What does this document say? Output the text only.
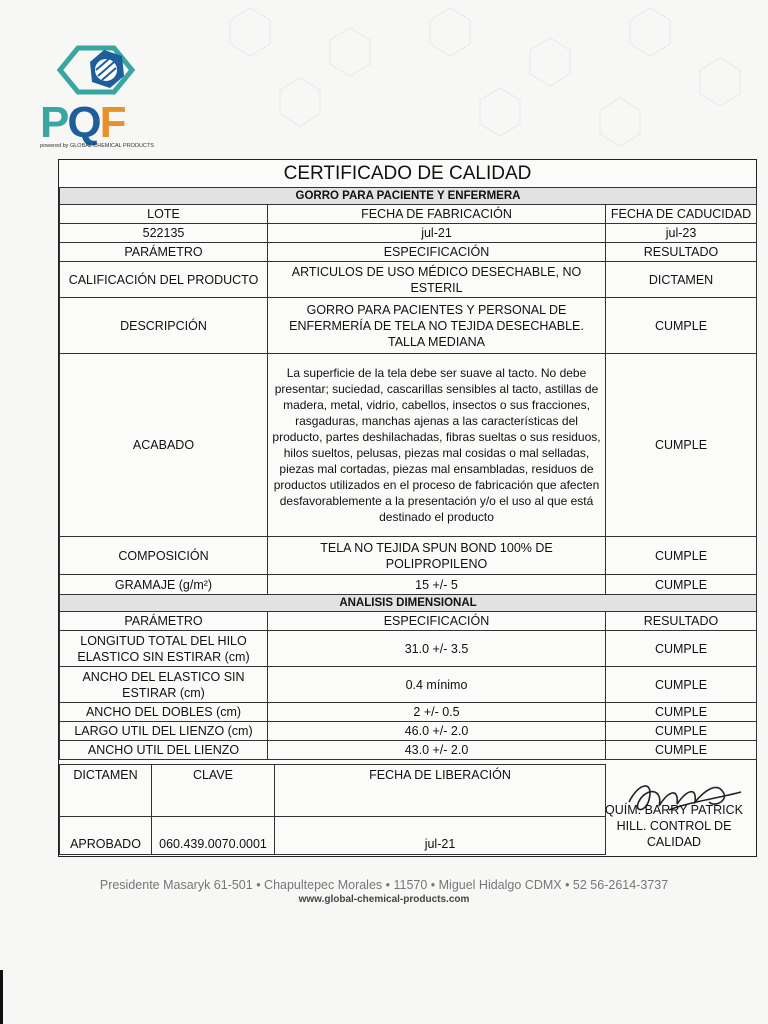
PQF
powered by GLOBAL CHEMICAL PRODUCTS
CERTIFICADO DE CALIDAD
GORRO PARA PACIENTE Y ENFERMERA		
LOTE	FECHA DE FABRICACIÓN	FECHA DE CADUCIDAD
522135	jul-21	jul-23
PARÁMETRO	ESPECIFICACIÓN	RESULTADO
CALIFICACIÓN DEL PRODUCTO	ARTICULOS DE USO MÉDICO DESECHABLE, NO ESTERIL	DICTAMEN
DESCRIPCIÓN	GORRO PARA PACIENTES Y PERSONAL DE ENFERMERÍA DE TELA NO TEJIDA DESECHABLE. TALLA MEDIANA	CUMPLE
ACABADO	La superficie de la tela debe ser suave al tacto. No debe presentar; suciedad, cascarillas sensibles al tacto, astillas de madera, metal, vidrio, cabellos, insectos o sus fracciones, rasgaduras, manchas ajenas a las características del producto, partes deshilachadas, fibras sueltas o sus residuos, hilos sueltos, pelusas, piezas mal cosidas o mal selladas, piezas mal cortadas, piezas mal ensambladas, residuos de productos utilizados en el proceso de fabricación que afecten desfavorablemente a la presentación y/o el uso al que está destinado el producto	CUMPLE
COMPOSICIÓN	TELA NO TEJIDA SPUN BOND 100% DE POLIPROPILENO	CUMPLE
GRAMAJE (g/m²)	15 +/- 5	CUMPLE
ANALISIS DIMENSIONAL		
PARÁMETRO	ESPECIFICACIÓN	RESULTADO
LONGITUD TOTAL DEL HILO ELASTICO SIN ESTIRAR (cm)	31.0 +/- 3.5	CUMPLE
ANCHO DEL ELASTICO SIN ESTIRAR (cm)	0.4 mínimo	CUMPLE
ANCHO DEL DOBLES (cm)	2 +/- 0.5	CUMPLE
LARGO UTIL DEL LIENZO (cm)	46.0 +/- 2.0	CUMPLE
ANCHO UTIL DEL LIENZO	43.0 +/- 2.0	CUMPLE
DICTAMEN	CLAVE	FECHA DE LIBERACIÓN	
APROBADO	060.439.0070.0001	jul-21	
QUÍM. BARRY PATRICK HILL. CONTROL DE CALIDAD
Presidente Masaryk 61-501 • Chapultepec Morales • 11570 • Miguel Hidalgo CDMX • 52 56-2614-3737
www.global-chemical-products.com
